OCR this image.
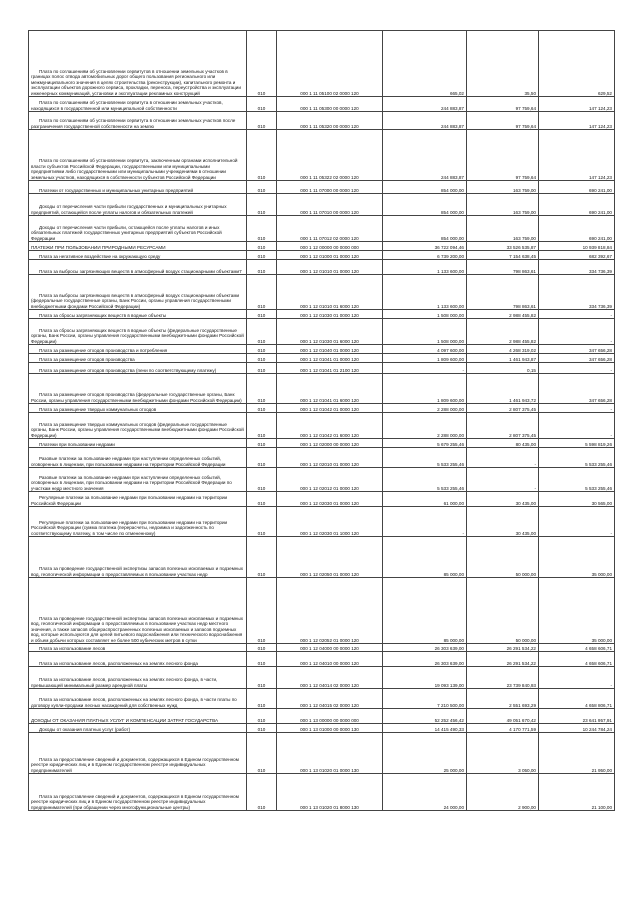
Плата по соглашениям об установлении сервитутов в отношении земельных участков в границах полос отвода автомобильных дорог общего пользования регионального или межмуниципального значения в целях строительства (реконструкции), капитального ремонта и эксплуатации объектов дорожного сервиса, прокладки, переноса, переустройства и эксплуатации инженерных коммуникаций, установки и эксплуатации рекламных конструкций	010	000 1 11 05100 02 0000 120	665,02	35,50	629,52
Плата по соглашениям об установлении сервитута в отношении земельных участков, находящихся в государственной или муниципальной собственности	010	000 1 11 05300 00 0000 120	244 883,87	97 759,64	147 124,23
Плата по соглашениям об установлении сервитута в отношении земельных участков после разграничения государственной собственности на землю	010	000 1 11 05320 00 0000 120	244 883,87	97 759,64	147 124,23
Плата по соглашениям об установлении сервитута, заключенным органами исполнительной власти субъектов Российской Федерации, государственными или муниципальными предприятиями либо государственными или муниципальными учреждениями в отношении земельных участков, находящихся в собственности субъектов Российской Федерации	010	000 1 11 05322 02 0000 120	244 883,87	97 759,64	147 124,23
Платежи от государственных и муниципальных унитарных предприятий	010	000 1 11 07000 00 0000 120	854 000,00	163 759,00	690 241,00
Доходы от перечисления части прибыли государственных и муниципальных унитарных предприятий, остающейся после уплаты налогов и обязательных платежей	010	000 1 11 07010 00 0000 120	854 000,00	163 759,00	690 241,00
Доходы от перечисления части прибыли, остающейся после уплаты налогов и иных обязательных платежей государственных унитарных предприятий субъектов Российской Федерации	010	000 1 11 07012 02 0000 120	854 000,00	163 759,00	690 241,00
ПЛАТЕЖИ ПРИ ПОЛЬЗОВАНИИ ПРИРОДНЫМИ РЕСУРСАМИ	010	000 1 12 00000 00 0000 000	36 722 094,46	33 526 535,87	10 939 818,84
Плата за негативное воздействие на окружающую среду	010	000 1 12 01000 01 0000 120	6 739 200,00	7 154 638,45	682 392,67
Плата за выбросы загрязняющих веществ в атмосферный воздух стационарными объектами7	010	000 1 12 01010 01 0000 120	1 133 600,00	798 863,61	334 736,39
Плата за выбросы загрязняющих веществ в атмосферный воздух стационарными объектами (федеральные государственные органы, Банк России, органы управления государственными внебюджетными фондами Российской Федерации)	010	000 1 12 01010 01 6000 120	1 133 600,00	798 863,61	334 736,39
Плата за сбросы загрязняющих веществ в водные объекты	010	000 1 12 01030 01 0000 120	1 508 000,00	2 988 455,82	-
Плата за сбросы загрязняющих веществ в водные объекты (федеральные государственные органы, Банк России, органы управления государственными внебюджетными фондами Российской Федерации)	010	000 1 12 01030 01 6000 120	1 508 000,00	2 988 455,82	-
Плата за размещение отходов производства и потребления	010	000 1 12 01040 01 0000 120	4 097 600,00	4 268 319,02	347 656,28
Плата за размещение отходов производства	010	000 1 12 01041 01 0000 120	1 809 600,00	1 461 943,87	347 656,28
Плата за размещение отходов производства (пени по соответствующему платежу)	010	000 1 12 01041 01 2100 120	-	0,15	-
Плата за размещение отходов производства (федеральные государственные органы, Банк России, органы управления государственными внебюджетными фондами Российской Федерации)	010	000 1 12 01041 01 6000 120	1 809 600,00	1 461 943,72	347 656,28
Плата за размещение твердых коммунальных отходов	010	000 1 12 01042 01 0000 120	2 288 000,00	2 807 375,45	-
Плата за размещение твердых коммунальных отходов (федеральные государственные органы, Банк России, органы управления государственными внебюджетными фондами Российской Федерации)	010	000 1 12 01042 01 6000 120	2 288 000,00	2 807 375,45	-
Платежи при пользовании недрами	010	000 1 12 02000 00 0000 120	5 679 255,46	80 435,00	5 598 819,26
Разовые платежи за пользование недрами при наступлении определенных событий, оговоренных в лицензии, при пользовании недрами на территории Российской Федерации	010	000 1 12 02010 01 0000 120	5 533 255,46	-	5 533 255,46
Разовые платежи за пользование недрами при наступлении определенных событий, оговоренных в лицензии, при пользовании недрами на территории Российской Федерации по участкам недр местного значения	010	000 1 12 02012 01 0000 120	5 533 255,46	-	5 533 255,46
Регулярные платежи за пользование недрами при пользовании недрами на территории Российской Федерации	010	000 1 12 02030 01 0000 120	61 000,00	30 435,00	30 565,00
Регулярные платежи за пользование недрами при пользовании недрами на территории Российской Федерации (сумма платежа (перерасчеты, недоимка и задолженность по соответствующему платежу, в том числе по отмененному)	010	000 1 12 02030 01 1000 120	-	30 435,00	-
Плата за проведение государственной экспертизы запасов полезных ископаемых и подземных вод, геологической информации о предоставляемых в пользование участках недр	010	000 1 12 02050 01 0000 120	85 000,00	50 000,00	35 000,00
Плата за проведение государственной экспертизы запасов полезных ископаемых и подземных вод, геологической информации о предоставляемых в пользование участках недр местного значения, а также запасов общераспространенных полезных ископаемых и запасов подземных вод, которые используются для целей питьевого водоснабжения или технического водоснабжения и объем добычи которых составляет не более 500 кубических метров в сутки	010	000 1 12 02052 01 0000 120	85 000,00	50 000,00	35 000,00
Плата за использование лесов	010	000 1 12 04000 00 0000 120	26 303 639,00	26 291 534,22	4 658 606,71
Плата за использование лесов, расположенных на землях лесного фонда	010	000 1 12 04010 00 0000 120	26 303 639,00	26 291 534,22	4 658 606,71
Плата за использование лесов, расположенных на землях лесного фонда, в части, превышающей минимальный размер арендной платы	010	000 1 12 04014 02 0000 120	19 093 139,00	23 739 840,93	-
Плата за использование лесов, расположенных на землях лесного фонда, в части платы по договору купли-продажи лесных насаждений для собственных нужд	010	000 1 12 04015 02 0000 120	7 210 500,00	2 551 693,29	4 658 806,71
ДОХОДЫ ОТ ОКАЗАНИЯ ПЛАТНЫХ УСЛУГ И КОМПЕНСАЦИИ ЗАТРАТ ГОСУДАРСТВА	010	000 1 13 00000 00 0000 000	52 252 456,42	49 051 670,42	23 641 957,91
Доходы от оказания платных услуг (работ)	010	000 1 13 01000 00 0000 130	14 415 490,33	4 170 771,59	10 244 784,24
Плата за предоставление сведений и документов, содержащихся в Едином государственном реестре юридических лиц и в Едином государственном реестре индивидуальных предпринимателей	010	000 1 13 01020 01 0000 130	25 000,00	3 050,00	21 950,00
Плата за предоставление сведений и документов, содержащихся в Едином государственном реестре юридических лиц и в Едином государственном реестре индивидуальных предпринимателей (при обращении через многофункциональные центры)	010	000 1 13 01020 01 8000 130	24 000,00	2 900,00	21 100,00
